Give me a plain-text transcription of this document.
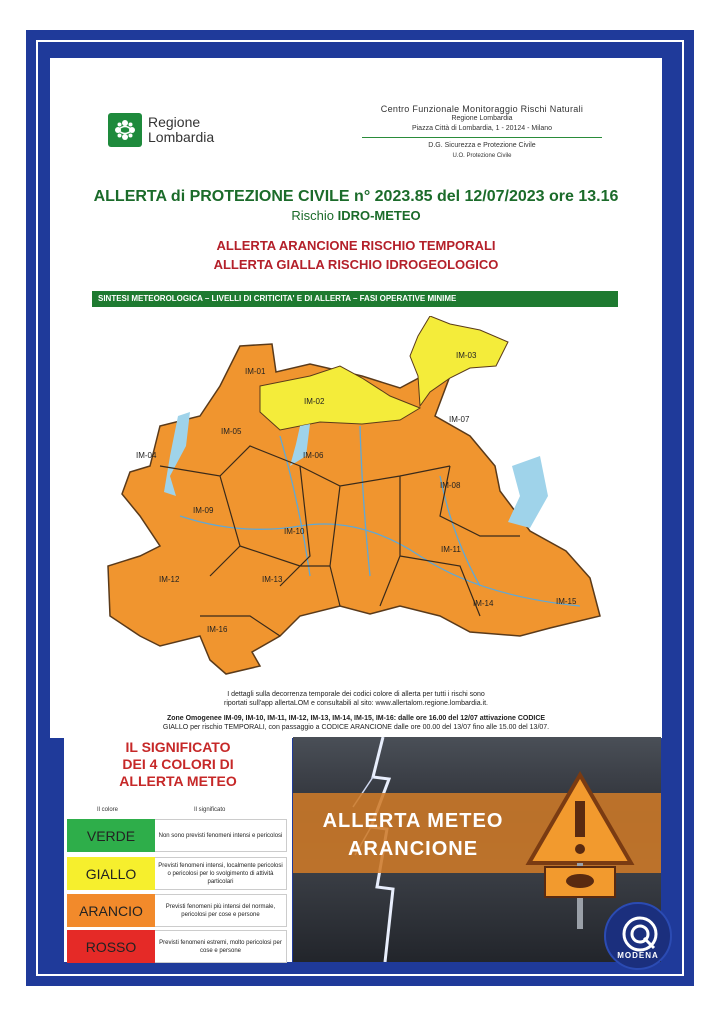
Regione
Lombardia
Centro Funzionale Monitoraggio Rischi Naturali
Regione Lombardia
Piazza Città di Lombardia, 1 - 20124 - Milano
D.G. Sicurezza e Protezione Civile
U.O. Protezione Civile
ALLERTA di PROTEZIONE CIVILE n° 2023.85 del 12/07/2023 ore 13.16
Rischio IDRO-METEO
ALLERTA ARANCIONE RISCHIO TEMPORALI
ALLERTA GIALLA RISCHIO IDROGEOLOGICO
SINTESI METEOROLOGICA – LIVELLI DI CRITICITA' E DI ALLERTA – FASI OPERATIVE MINIME
IM-01
IM-02
IM-03
IM-04
IM-05
IM-06
IM-07
IM-08
IM-09
IM-10
IM-11
IM-12	IM-13
IM-14	IM-15
IM-16
I dettagli sulla decorrenza temporale dei codici colore di allerta per tutti i rischi sono
riportati sull'app allertaLOM e consultabili al sito: www.allertalom.regione.lombardia.it.
Zone Omogenee IM-09, IM-10, IM-11, IM-12, IM-13, IM-14, IM-15, IM-16: dalle ore 16.00 del 12/07 attivazione CODICE
GIALLO per rischio TEMPORALI, con passaggio a CODICE ARANCIONE dalle ore 00.00 del 13/07 fino alle 15.00 del 13/07.
IL SIGNIFICATO
DEI 4 COLORI DI
ALLERTA METEO
Il colore	Il significato
VERDE	Non sono previsti fenomeni intensi e pericolosi
GIALLO	Previsti fenomeni intensi, localmente pericolosi o pericolosi per lo svolgimento di attività particolari
ARANCIO	Previsti fenomeni più intensi del normale, pericolosi per cose e persone
ROSSO	Previsti fenomeni estremi, molto pericolosi per cose e persone
ALLERTA METEO
ARANCIONE
MODENA
